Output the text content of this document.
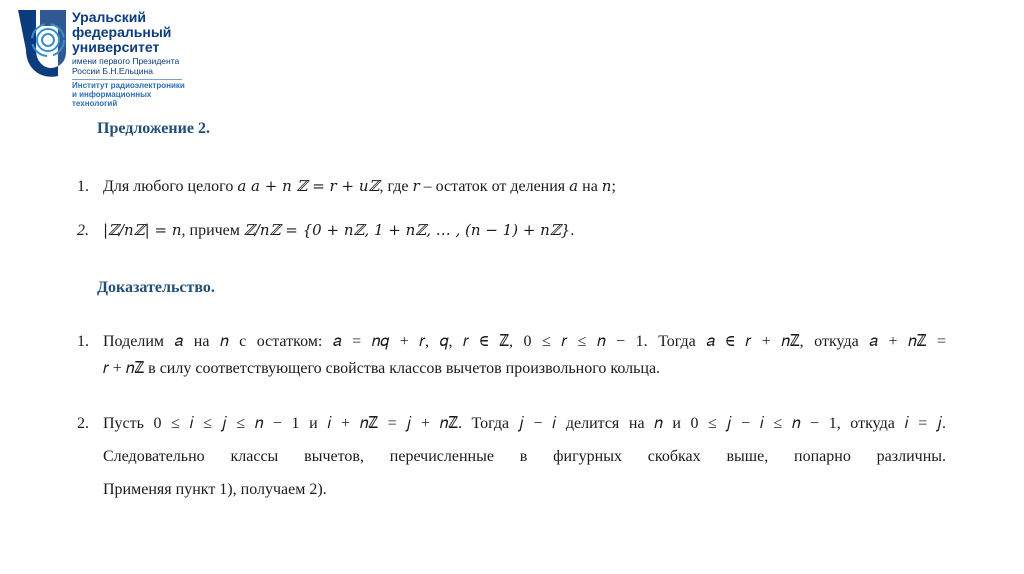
Уральский
федеральный
университет
имени первого Президента
России Б.Н.Ельцина
Институт радиоэлектроники
и информационных
технологий
Предложение 2.
1. Для любого целого 𝑎 𝑎 + 𝑛 ℤ = 𝑟 + 𝑢ℤ, где 𝑟 – остаток от деления 𝑎 на 𝑛;
2. |ℤ/𝑛ℤ| = 𝑛, причем ℤ/𝑛ℤ = {0 + 𝑛ℤ, 1 + 𝑛ℤ, … , (𝑛 − 1) + 𝑛ℤ}.
Доказательство.
1. Поделим 𝑎 на 𝑛 с остатком: 𝑎 = 𝑛𝑞 + 𝑟, 𝑞, 𝑟 ∈ ℤ, 0 ≤ 𝑟 ≤ 𝑛 − 1. Тогда 𝑎 ∈ 𝑟 + 𝑛ℤ, откуда 𝑎 + 𝑛ℤ =
𝑟 + 𝑛ℤ в силу соответствующего свойства классов вычетов произвольного кольца.
2. Пусть 0 ≤ 𝑖 ≤ 𝑗 ≤ 𝑛 − 1 и 𝑖 + 𝑛ℤ = 𝑗 + 𝑛ℤ. Тогда 𝑗 − 𝑖 делится на 𝑛 и 0 ≤ 𝑗 − 𝑖 ≤ 𝑛 − 1, откуда 𝑖 = 𝑗.
Следовательно классы вычетов, перечисленные в фигурных скобках выше, попарно различны.
Применяя пункт 1), получаем 2).
